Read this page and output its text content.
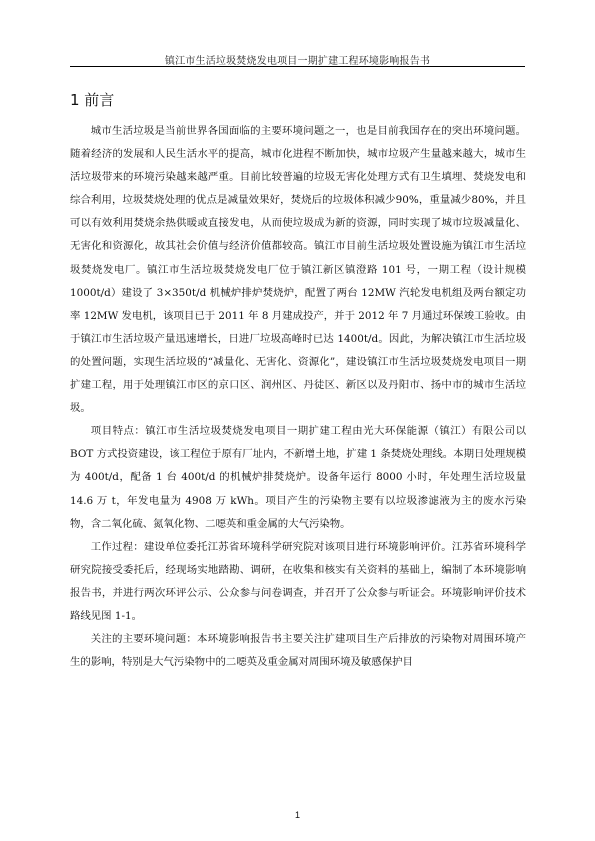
镇江市生活垃圾焚烧发电项目一期扩建工程环境影响报告书
1 前言

城市生活垃圾是当前世界各国面临的主要环境问题之一，也是目前我国存在的突出环境问题。随着经济的发展和人民生活水平的提高，城市化进程不断加快，城市垃圾产生量越来越大，城市生活垃圾带来的环境污染越来越严重。目前比较普遍的垃圾无害化处理方式有卫生填埋、焚烧发电和综合利用，垃圾焚烧处理的优点是减量效果好，焚烧后的垃圾体积减少90%，重量减少80%，并且可以有效利用焚烧余热供暖或直接发电，从而使垃圾成为新的资源，同时实现了城市垃圾减量化、无害化和资源化，故其社会价值与经济价值都较高。镇江市目前生活垃圾处置设施为镇江市生活垃圾焚烧发电厂。镇江市生活垃圾焚烧发电厂位于镇江新区镇澄路 101 号，一期工程（设计规模 1000t/d）建设了 3×350t/d 机械炉排炉焚烧炉，配置了两台 12MW 汽轮发电机组及两台额定功率 12MW 发电机，该项目已于 2011 年 8 月建成投产，并于 2012 年 7 月通过环保竣工验收。由于镇江市生活垃圾产量迅速增长，日进厂垃圾高峰时已达 1400t/d。因此，为解决镇江市生活垃圾的处置问题，实现生活垃圾的“减量化、无害化、资源化”，建设镇江市生活垃圾焚烧发电项目一期扩建工程，用于处理镇江市区的京口区、润州区、丹徒区、新区以及丹阳市、扬中市的城市生活垃圾。

项目特点：镇江市生活垃圾焚烧发电项目一期扩建工程由光大环保能源（镇江）有限公司以 BOT 方式投资建设，该工程位于原有厂址内，不新增土地，扩建 1 条焚烧处理线。本期日处理规模为 400t/d，配备 1 台 400t/d 的机械炉排焚烧炉。设备年运行 8000 小时，年处理生活垃圾量 14.6 万 t，年发电量为 4908 万 kWh。项目产生的污染物主要有以垃圾渗滤液为主的废水污染物，含二氧化硫、氮氧化物、二噁英和重金属的大气污染物。

工作过程：建设单位委托江苏省环境科学研究院对该项目进行环境影响评价。江苏省环境科学研究院接受委托后，经现场实地踏勘、调研，在收集和核实有关资料的基础上，编制了本环境影响报告书，并进行两次环评公示、公众参与问卷调查，并召开了公众参与听证会。环境影响评价技术路线见图 1-1。

关注的主要环境问题：本环境影响报告书主要关注扩建项目生产后排放的污染物对周围环境产生的影响，特别是大气污染物中的二噁英及重金属对周围环境及敏感保护目

1
